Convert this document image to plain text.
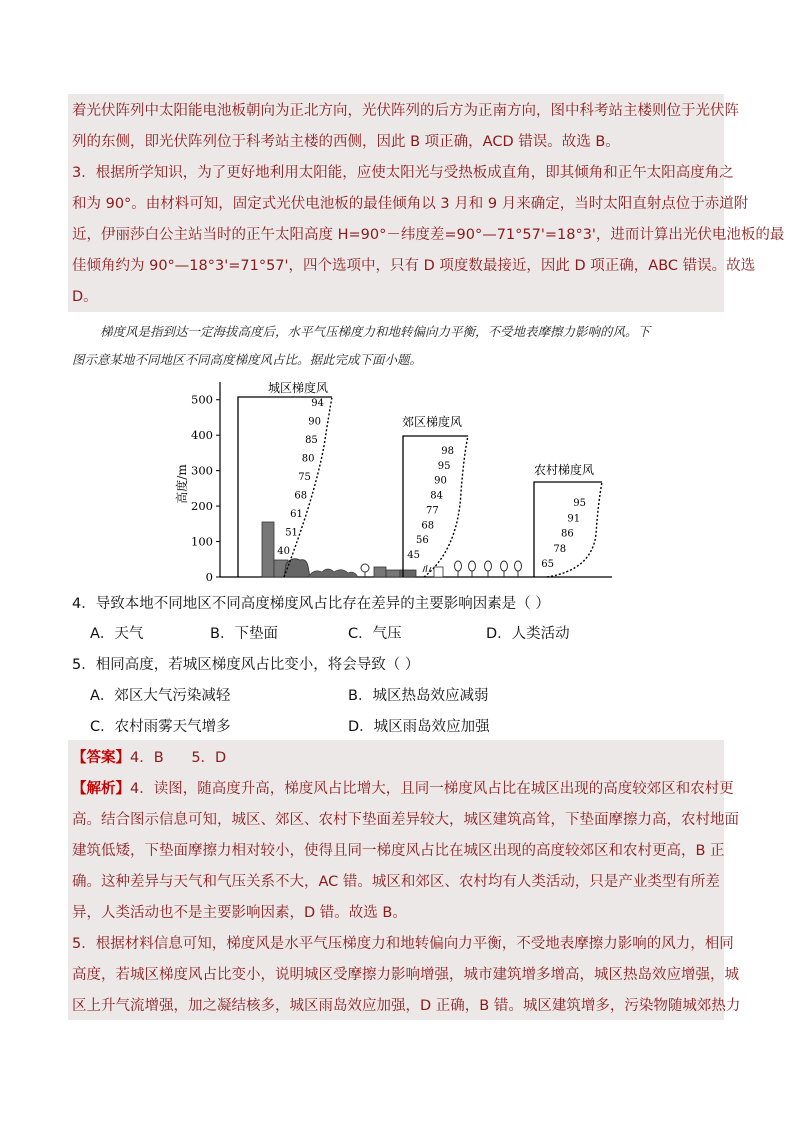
着光伏阵列中太阳能电池板朝向为正北方向，光伏阵列的后方为正南方向，图中科考站主楼则位于光伏阵
列的东侧，即光伏阵列位于科考站主楼的西侧，因此 B 项正确，ACD 错误。故选 B。
3．根据所学知识，为了更好地利用太阳能，应使太阳光与受热板成直角，即其倾角和正午太阳高度角之
和为 90°。由材料可知，固定式光伏电池板的最佳倾角以 3 月和 9 月来确定，当时太阳直射点位于赤道附
近，伊丽莎白公主站当时的正午太阳高度 H=90°－纬度差=90°—71°57'=18°3'，进而计算出光伏电池板的最
佳倾角约为 90°—18°3'=71°57'，四个选项中，只有 D 项度数最接近，因此 D 项正确，ABC 错误。故选
D。
梯度风是指到达一定海拔高度后，水平气压梯度力和地转偏向力平衡，不受地表摩擦力影响的风。下
图示意某地不同地区不同高度梯度风占比。据此完成下面小题。
0
100
200
300
400
500
高度/m
城区梯度风
郊区梯度风
农村梯度风
40
51
61
68
75
80
85
90
94
45
56
68
77
84
90
95
98
65
78
86
91
95
4．导致本地不同地区不同高度梯度风占比存在差异的主要影响因素是（ ）
A．天气	B．下垫面	C．气压	D．人类活动
5．相同高度，若城区梯度风占比变小，将会导致（ ）
A．郊区大气污染减轻	B．城区热岛效应减弱
C．农村雨雾天气增多	D．城区雨岛效应加强
【答案】4．B      5．D
【解析】4．读图，随高度升高，梯度风占比增大，且同一梯度风占比在城区出现的高度较郊区和农村更
高。结合图示信息可知，城区、郊区、农村下垫面差异较大，城区建筑高耸，下垫面摩擦力高，农村地面
建筑低矮，下垫面摩擦力相对较小，使得且同一梯度风占比在城区出现的高度较郊区和农村更高，B 正
确。这种差异与天气和气压关系不大，AC 错。城区和郊区、农村均有人类活动，只是产业类型有所差
异，人类活动也不是主要影响因素，D 错。故选 B。
5．根据材料信息可知，梯度风是水平气压梯度力和地转偏向力平衡，不受地表摩擦力影响的风力，相同
高度，若城区梯度风占比变小，说明城区受摩擦力影响增强，城市建筑增多增高，城区热岛效应增强，城
区上升气流增强，加之凝结核多，城区雨岛效应加强，D 正确，B 错。城区建筑增多，污染物随城郊热力
